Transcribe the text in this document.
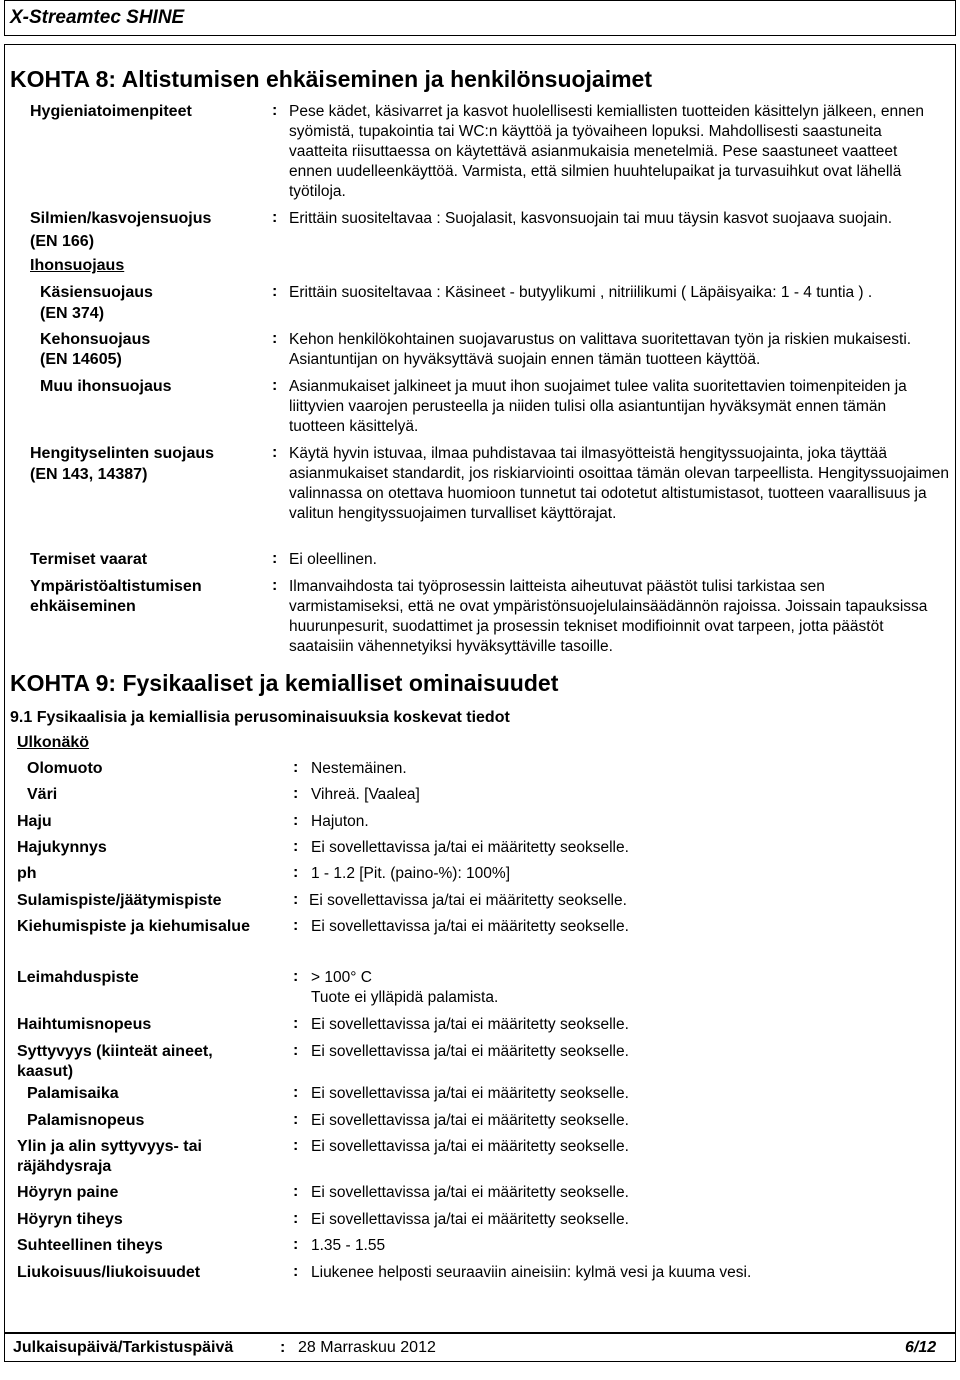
X-Streamtec SHINE
KOHTA 8: Altistumisen ehkäiseminen ja henkilönsuojaimet
Hygieniatoimenpiteet	: Pese kädet, käsivarret ja kasvot huolellisesti kemiallisten tuotteiden käsittelyn jälkeen, ennen syömistä, tupakointia tai WC:n käyttöä ja työvaiheen lopuksi. Mahdollisesti saastuneita vaatteita riisuttaessa on käytettävä asianmukaisia menetelmiä. Pese saastuneet vaatteet ennen uudelleenkäyttöä. Varmista, että silmien huuhtelupaikat ja turvasuihkut ovat lähellä työtiloja.
Silmien/kasvojensuojus
(EN 166)
: Erittäin suositeltavaa : Suojalasit, kasvonsuojain tai muu täysin kasvot suojaava suojain.
Ihonsuojaus
Käsiensuojaus
(EN 374)
: Erittäin suositeltavaa : Käsineet - butyylikumi , nitriilikumi ( Läpäisyaika: 1 - 4 tuntia ) .
Kehonsuojaus
(EN 14605)
: Kehon henkilökohtainen suojavarustus on valittava suoritettavan työn ja riskien mukaisesti. Asiantuntijan on hyväksyttävä suojain ennen tämän tuotteen käyttöä.
Muu ihonsuojaus	: Asianmukaiset jalkineet ja muut ihon suojaimet tulee valita suoritettavien toimenpiteiden ja liittyvien vaarojen perusteella ja niiden tulisi olla asiantuntijan hyväksymät ennen tämän tuotteen käsittelyä.
Hengityselinten suojaus
(EN 143, 14387)
: Käytä hyvin istuvaa, ilmaa puhdistavaa tai ilmasyötteistä hengityssuojainta, joka täyttää asianmukaiset standardit, jos riskiarviointi osoittaa tämän olevan tarpeellista. Hengityssuojaimen valinnassa on otettava huomioon tunnetut tai odotetut altistumistasot, tuotteen vaarallisuus ja valitun hengityssuojaimen turvalliset käyttörajat.
Termiset vaarat	: Ei oleellinen.
Ympäristöaltistumisen
ehkäiseminen
: Ilmanvaihdosta tai työprosessin laitteista aiheutuvat päästöt tulisi tarkistaa sen varmistamiseksi, että ne ovat ympäristönsuojelulainsäädännön rajoissa. Joissain tapauksissa huurunpesurit, suodattimet ja prosessin tekniset modifioinnit ovat tarpeen, jotta päästöt saataisiin vähennetyiksi hyväksyttäville tasoille.
KOHTA 9: Fysikaaliset ja kemialliset ominaisuudet
9.1 Fysikaalisia ja kemiallisia perusominaisuuksia koskevat tiedot
Ulkonäkö
Olomuoto	: Nestemäinen.
Väri	: Vihreä. [Vaalea]
Haju	: Hajuton.
Hajukynnys	: Ei sovellettavissa ja/tai ei määritetty seokselle.
ph	: 1 - 1.2 [Pit. (paino-%): 100%]
Sulamispiste/jäätymispiste	: Ei sovellettavissa ja/tai ei määritetty seokselle.
Kiehumispiste ja kiehumisalue	: Ei sovellettavissa ja/tai ei määritetty seokselle.
Leimahduspiste	: > 100° C
Tuote ei ylläpidä palamista.
Haihtumisnopeus	: Ei sovellettavissa ja/tai ei määritetty seokselle.
Syttyvyys (kiinteät aineet,
kaasut)
: Ei sovellettavissa ja/tai ei määritetty seokselle.
Palamisaika	: Ei sovellettavissa ja/tai ei määritetty seokselle.
Palamisnopeus	: Ei sovellettavissa ja/tai ei määritetty seokselle.
Ylin ja alin syttyvyys- tai
räjähdysraja
: Ei sovellettavissa ja/tai ei määritetty seokselle.
Höyryn paine	: Ei sovellettavissa ja/tai ei määritetty seokselle.
Höyryn tiheys	: Ei sovellettavissa ja/tai ei määritetty seokselle.
Suhteellinen tiheys	: 1.35 - 1.55
Liukoisuus/liukoisuudet	: Liukenee helposti seuraaviin aineisiin: kylmä vesi ja kuuma vesi.
Julkaisupäivä/Tarkistuspäivä	: 28 Marraskuu 2012	6/12
